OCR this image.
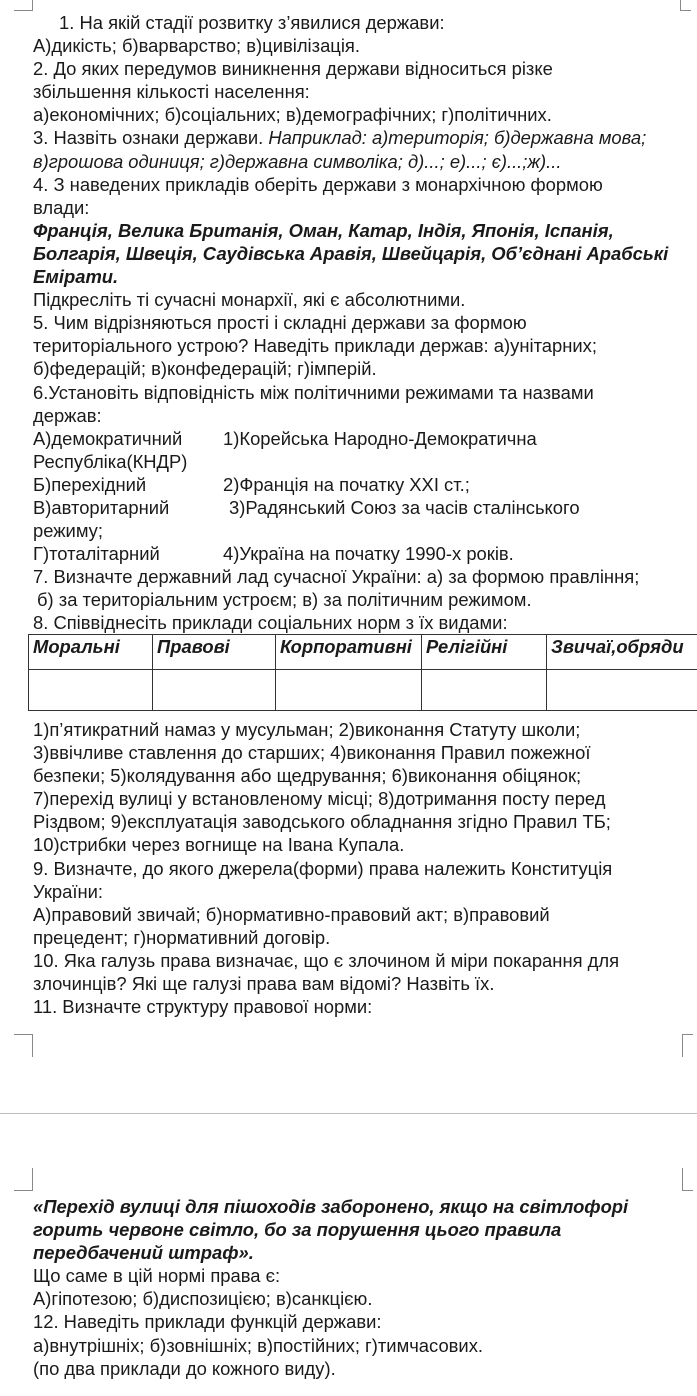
1. На якій стадії розвитку з’явилися держави:
А)дикість; б)варварство; в)цивілізація.
2. До яких передумов виникнення держави відноситься різке
збільшення кількості населення:
а)економічних; б)соціальних; в)демографічних; г)політичних.
3. Назвіть ознаки держави. Наприклад: а)територія; б)державна мова;
в)грошова одиниця; г)державна символіка; д)...; е)...; є)...;ж)...
4. З наведених прикладів оберіть держави з монархічною формою
влади:
Франція, Велика Британія, Оман, Катар, Індія, Японія, Іспанія,
Болгарія, Швеція, Саудівська Аравія, Швейцарія, Об’єднані Арабські
Емірати.
Підкресліть ті сучасні монархії, які є абсолютними.
5. Чим відрізняються прості і складні держави за формою
територіального устрою? Наведіть приклади держав: а)унітарних;
б)федерацій; в)конфедерацій; г)імперій.
6.Установіть відповідність між політичними режимами та назвами
держав:
А)демократичний	1)Корейська Народно-Демократична
Республіка(КНДР)
Б)перехідний	2)Франція на початку XXI ст.;
В)авторитарний	3)Радянський Союз за часів сталінського
режиму;
Г)тоталітарний	4)Україна на початку 1990-х років.
7. Визначте державний лад сучасної України: а) за формою правління;
б) за територіальним устроєм; в) за політичним режимом.
8. Співвіднесіть приклади соціальних норм з їх видами:
Моральні	Правові	Корпоративні	Релігійні	Звичаї,обряди

1)п’ятикратний намаз у мусульман; 2)виконання Статуту школи;
3)ввічливе ставлення до старших; 4)виконання Правил пожежної
безпеки; 5)колядування або щедрування; 6)виконання обіцянок;
7)перехід вулиці у встановленому місці; 8)дотримання посту перед
Різдвом; 9)експлуатація заводського обладнання згідно Правил ТБ;
10)стрибки через вогнище на Івана Купала.
9. Визначте, до якого джерела(форми) права належить Конституція
України:
А)правовий звичай; б)нормативно-правовий акт; в)правовий
прецедент; г)нормативний договір.
10. Яка галузь права визначає, що є злочином й міри покарання для
злочинців? Які ще галузі права вам відомі? Назвіть їх.
11. Визначте структуру правової норми:
«Перехід вулиці для пішоходів заборонено, якщо на світлофорі
горить червоне світло, бо за порушення цього правила
передбачений штраф».
Що саме в цій нормі права є:
А)гіпотезою; б)диспозицією; в)санкцією.
12. Наведіть приклади функцій держави:
а)внутрішніх; б)зовнішніх; в)постійних; г)тимчасових.
(по два приклади до кожного виду).
